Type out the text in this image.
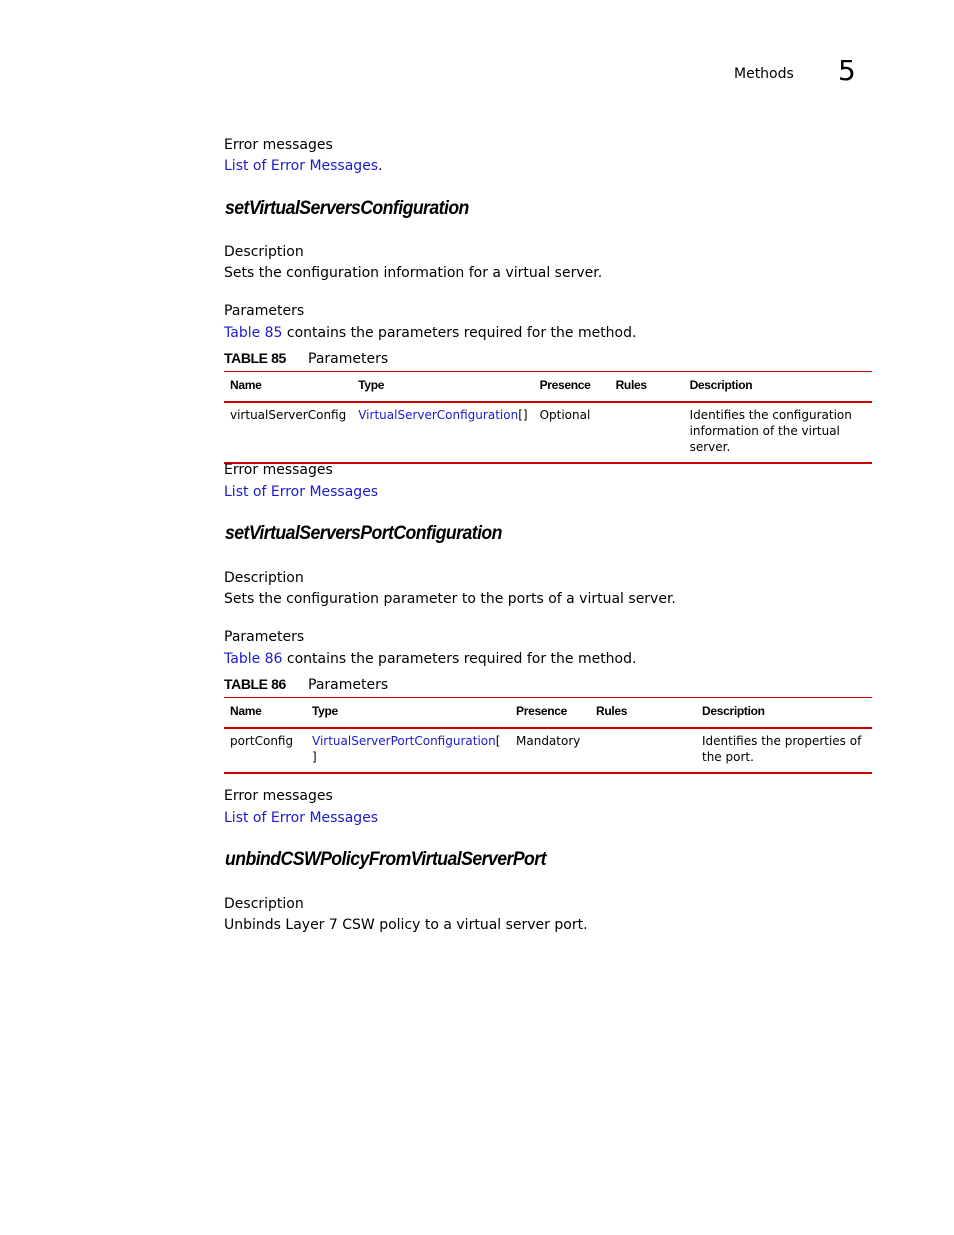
Methods 5
Error messages
List of Error Messages.
setVirtualServersConfiguration
Description
Sets the configuration information for a virtual server.
Parameters
Table 85 contains the parameters required for the method.
TABLE 85 Parameters
Name	Type	Presence	Rules	Description
virtualServerConfig	VirtualServerConfiguration[]	Optional		Identifies the configuration information of the virtual server.
Error messages
List of Error Messages
setVirtualServersPortConfiguration
Description
Sets the configuration parameter to the ports of a virtual server.
Parameters
Table 86 contains the parameters required for the method.
TABLE 86 Parameters
Name	Type	Presence	Rules	Description
portConfig	VirtualServerPortConfiguration[ ]	Mandatory		Identifies the properties of the port.
Error messages
List of Error Messages
unbindCSWPolicyFromVirtualServerPort
Description
Unbinds Layer 7 CSW policy to a virtual server port.
